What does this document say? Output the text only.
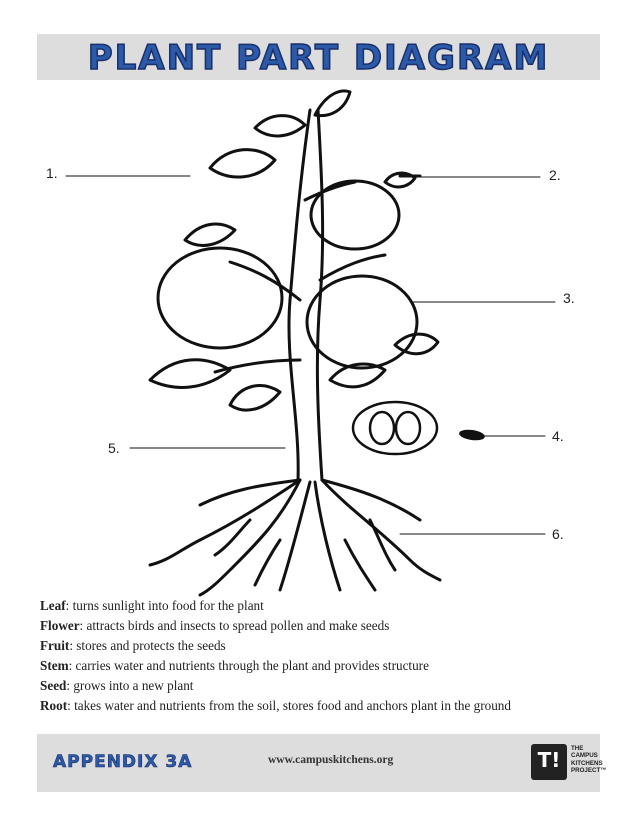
PLANT PART DIAGRAM
1.	2.
3.
4.
5.
6.
Leaf: turns sunlight into food for the plant
Flower: attracts birds and insects to spread pollen and make seeds
Fruit: stores and protects the seeds
Stem: carries water and nutrients through the plant and provides structure
Seed: grows into a new plant
Root: takes water and nutrients from the soil, stores food and anchors plant in the ground
APPENDIX 3A	www.campuskitchens.org	T!	THE
CAMPUS
KITCHENS
PROJECT™
